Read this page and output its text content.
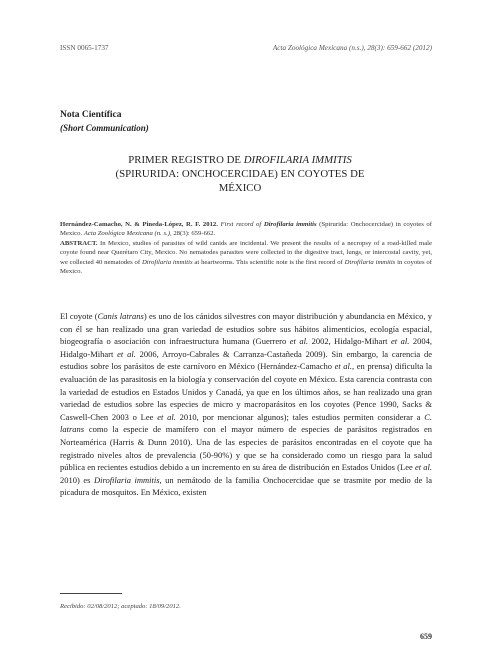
ISSN 0065-1737	Acta Zoológica Mexicana (n.s.), 28(3): 659-662 (2012)
Nota Científica
(Short Communication)
PRIMER REGISTRO DE DIROFILARIA IMMITIS
(SPIRURIDA: ONCHOCERCIDAE) EN COYOTES DE
MÉXICO
Hernández-Camacho, N. & Pineda-López, R. F. 2012. First record of Dirofilaria immitis (Spirurida: Onchocercidae) in coyotes of Mexico. Acta Zoológica Mexicana (n. s.), 28(3): 659-662.
ABSTRACT. In Mexico, studies of parasites of wild canids are incidental. We present the results of a necropsy of a road-killed male coyote found near Querétaro City, Mexico. No nematodes parasites were collected in the digestive tract, lungs, or intercostal cavity, yet, we collected 40 nematodes of Dirofilaria immitis at heartworms. This scientific note is the first record of Dirofilaria immitis in coyotes of Mexico.

El coyote (Canis latrans) es uno de los cánidos silvestres con mayor distribución y abundancia en México, y con él se han realizado una gran variedad de estudios sobre sus hábitos alimenticios, ecología espacial, biogeografía o asociación con infraestructura humana (Guerrero et al. 2002, Hidalgo-Mihart et al. 2004, Hidalgo-Mihart et al. 2006, Arroyo-Cabrales & Carranza-Castañeda 2009). Sin embargo, la carencia de estudios sobre los parásitos de este carnívoro en México (Hernández-Camacho et al., en prensa) dificulta la evaluación de las parasitosis en la biología y conservación del coyote en México. Esta carencia contrasta con la variedad de estudios en Estados Unidos y Canadá, ya que en los últimos años, se han realizado una gran variedad de estudios sobre las especies de micro y macroparásitos en los coyotes (Pence 1990, Sacks & Caswell-Chen 2003 o Lee et al. 2010, por mencionar algunos); tales estudios permiten considerar a C. latrans como la especie de mamífero con el mayor número de especies de parásitos registrados en Norteamérica (Harris & Dunn 2010). Una de las especies de parásitos encontradas en el coyote que ha registrado niveles altos de prevalencia (50-90%) y que se ha considerado como un riesgo para la salud pública en recientes estudios debido a un incremento en su área de distribución en Estados Unidos (Lee et al. 2010) es Dirofilaria immitis, un nemátodo de la familia Onchocercidae que se trasmite por medio de la picadura de mosquitos. En México, existen

Recibido: 02/08/2012; aceptado: 18/09/2012.
659
